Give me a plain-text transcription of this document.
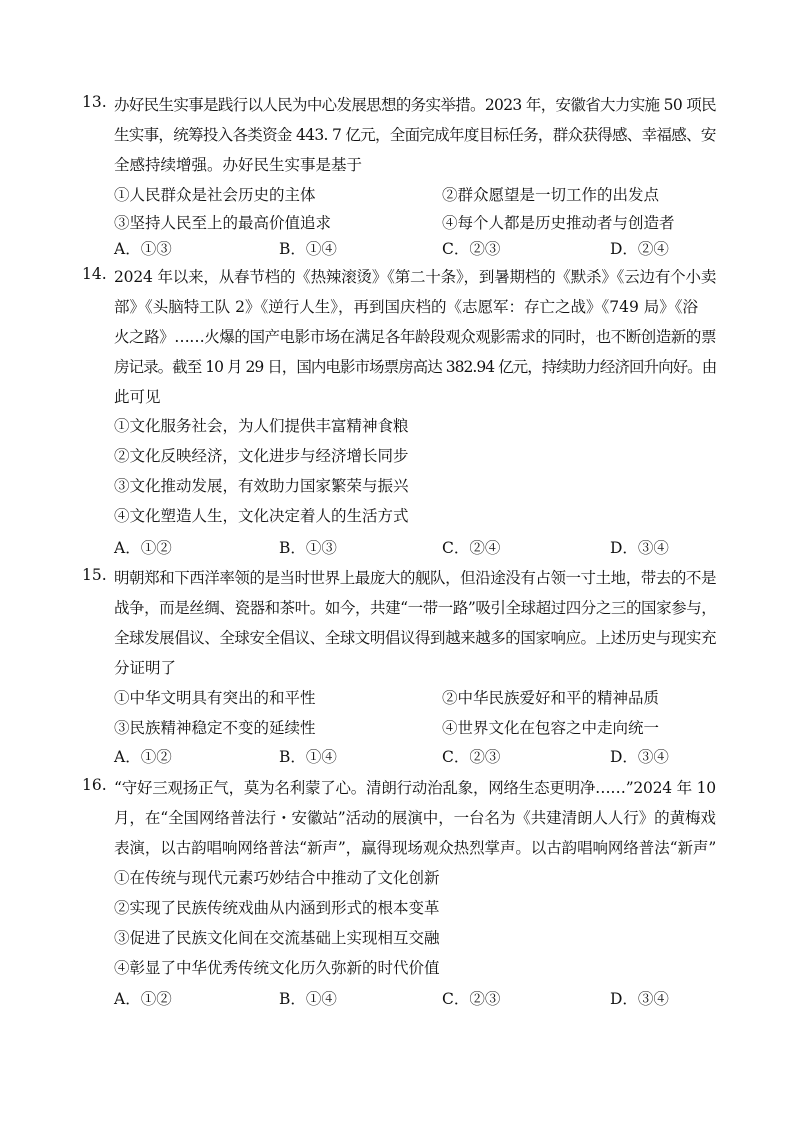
13. 办好民生实事是践行以人民为中心发展思想的务实举措。2023 年，安徽省大力实施 50 项民
生实事，统筹投入各类资金 443. 7 亿元，全面完成年度目标任务，群众获得感、幸福感、安
全感持续增强。办好民生实事是基于
①人民群众是社会历史的主体	②群众愿望是一切工作的出发点
③坚持人民至上的最高价值追求	④每个人都是历史推动者与创造者
A．①③	B．①④	C．②③	D．②④
14. 2024 年以来，从春节档的《热辣滚烫》《第二十条》，到暑期档的《默杀》《云边有个小卖
部》《头脑特工队 2》《逆行人生》，再到国庆档的《志愿军：存亡之战》《749 局》《浴
火之路》……火爆的国产电影市场在满足各年龄段观众观影需求的同时，也不断创造新的票
房记录。截至 10 月 29 日，国内电影市场票房高达 382.94 亿元，持续助力经济回升向好。由
此可见
①文化服务社会，为人们提供丰富精神食粮
②文化反映经济，文化进步与经济增长同步
③文化推动发展，有效助力国家繁荣与振兴
④文化塑造人生，文化决定着人的生活方式
A．①②	B．①③	C．②④	D．③④
15. 明朝郑和下西洋率领的是当时世界上最庞大的舰队，但沿途没有占领一寸土地，带去的不是
战争，而是丝绸、瓷器和茶叶。如今，共建“一带一路”吸引全球超过四分之三的国家参与，
全球发展倡议、全球安全倡议、全球文明倡议得到越来越多的国家响应。上述历史与现实充
分证明了
①中华文明具有突出的和平性	②中华民族爱好和平的精神品质
③民族精神稳定不变的延续性	④世界文化在包容之中走向统一
A．①②	B．①④	C．②③	D．③④
16. “守好三观扬正气，莫为名利蒙了心。清朗行动治乱象，网络生态更明净……”2024 年 10
月，在“全国网络普法行・安徽站”活动的展演中，一台名为《共建清朗人人行》的黄梅戏
表演，以古韵唱响网络普法“新声”，赢得现场观众热烈掌声。以古韵唱响网络普法“新声”
①在传统与现代元素巧妙结合中推动了文化创新
②实现了民族传统戏曲从内涵到形式的根本变革
③促进了民族文化间在交流基础上实现相互交融
④彰显了中华优秀传统文化历久弥新的时代价值
A．①②	B．①④	C．②③	D．③④
